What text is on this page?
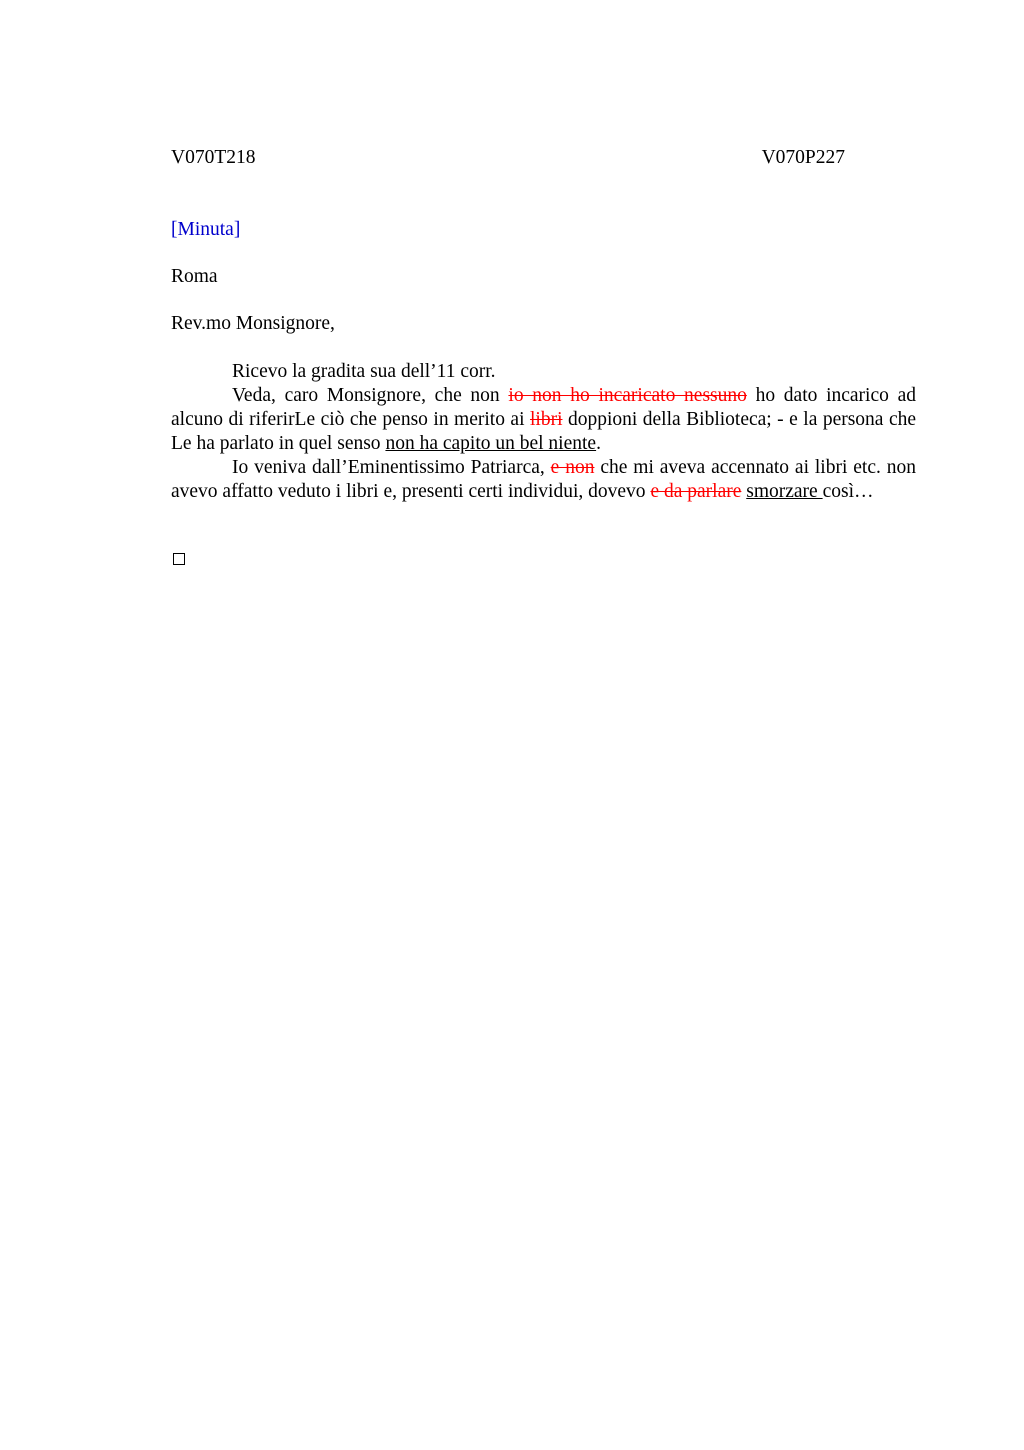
V070T218	V070P227
[Minuta]
Roma
Rev.mo Monsignore,

Ricevo la gradita sua dell’11 corr.

Veda, caro Monsignore, che non io non ho incaricato nessuno ho dato incarico ad alcuno di riferirLe ciò che penso in merito ai libri doppioni della Biblioteca; - e la persona che Le ha parlato in quel senso non ha capito un bel niente.

Io veniva dall’Eminentissimo Patriarca, e non che mi aveva accennato ai libri etc. non avevo affatto veduto i libri e, presenti certi individui, dovevo e da parlare smorzare così…
